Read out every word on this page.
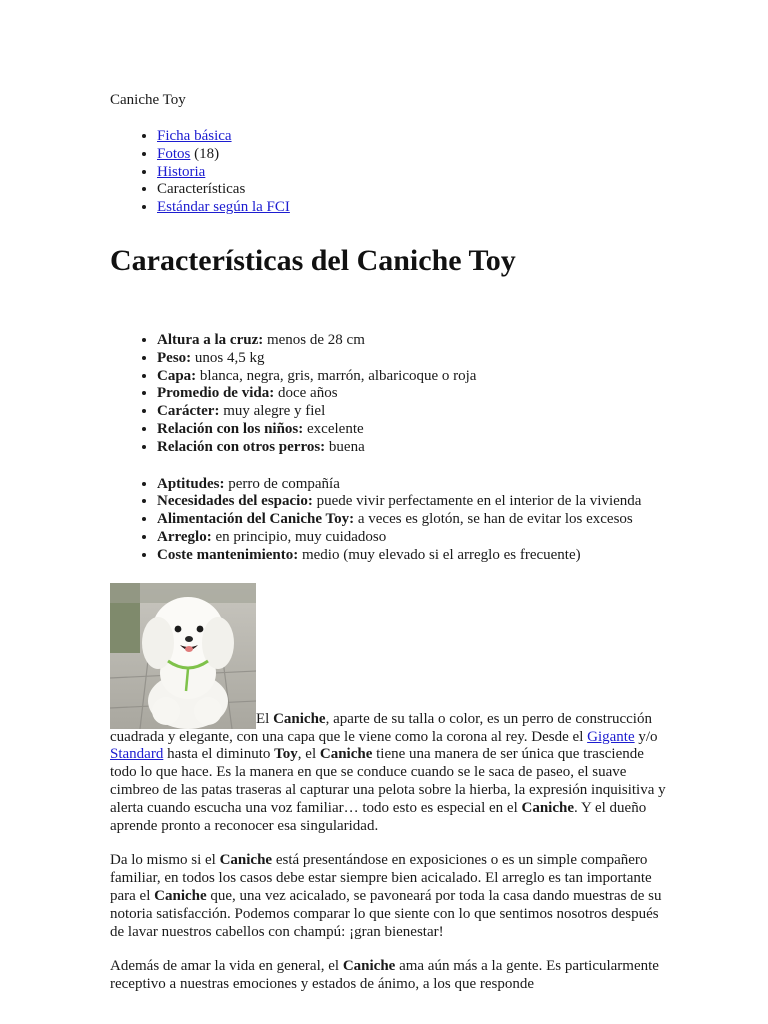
Caniche Toy

• Ficha básica
• Fotos (18)
• Historia
• Características
• Estándar según la FCI
Características del Caniche Toy
• Altura a la cruz: menos de 28 cm
• Peso: unos 4,5 kg
• Capa: blanca, negra, gris, marrón, albaricoque o roja
• Promedio de vida: doce años
• Carácter: muy alegre y fiel
• Relación con los niños: excelente
• Relación con otros perros: buena
• Aptitudes: perro de compañía
• Necesidades del espacio: puede vivir perfectamente en el interior de la vivienda
• Alimentación del Caniche Toy: a veces es glotón, se han de evitar los excesos
• Arreglo: en principio, muy cuidadoso
• Coste mantenimiento: medio (muy elevado si el arreglo es frecuente)

El Caniche, aparte de su talla o color, es un perro de construcción cuadrada y elegante, con una capa que le viene como la corona al rey. Desde el Gigante y/o Standard hasta el diminuto Toy, el Caniche tiene una manera de ser única que trasciende todo lo que hace. Es la manera en que se conduce cuando se le saca de paseo, el suave cimbreo de las patas traseras al capturar una pelota sobre la hierba, la expresión inquisitiva y alerta cuando escucha una voz familiar… todo esto es especial en el Caniche. Y el dueño aprende pronto a reconocer esa singularidad.

Da lo mismo si el Caniche está presentándose en exposiciones o es un simple compañero familiar, en todos los casos debe estar siempre bien acicalado. El arreglo es tan importante para el Caniche que, una vez acicalado, se pavoneará por toda la casa dando muestras de su notoria satisfacción. Podemos comparar lo que siente con lo que sentimos nosotros después de lavar nuestros cabellos con champú: ¡gran bienestar!

Además de amar la vida en general, el Caniche ama aún más a la gente. Es particularmente receptivo a nuestras emociones y estados de ánimo, a los que responde
